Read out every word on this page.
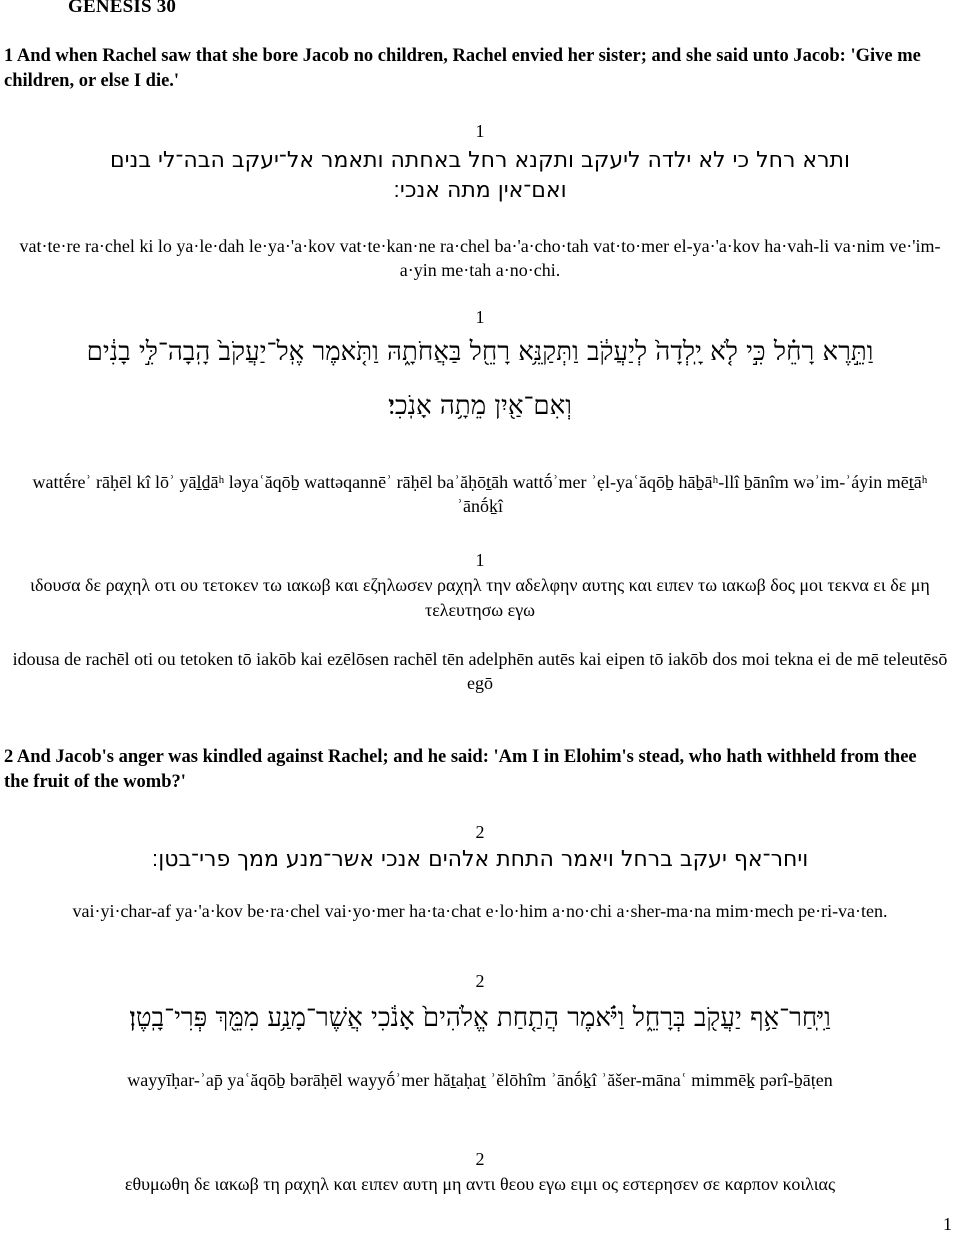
GENESIS 30
1 And when Rachel saw that she bore Jacob no children, Rachel envied her sister; and she said unto Jacob: 'Give me children, or else I die.'
1
ותרא רחל כי לא ילדה ליעקב ותקנא רחל באחתה ותאמר אל־יעקב הבה־לי בנים
ואם־אין מתה אנכי׃
vat·te·re ra·chel ki lo ya·le·dah le·ya·'a·kov vat·te·kan·ne ra·chel ba·'a·cho·tah vat·to·mer el-ya·'a·kov ha·vah-li va·nim ve·'im-a·yin me·tah a·no·chi.
1
וַתֵּ֣רֶא רָחֵ֗ל כִּ֣י לֹ֤א יָֽלְדָה֙ לְיַעֲקֹ֔ב וַתְּקַנֵּ֥א רָחֵ֖ל בַּאֲחֹתָ֑הּ וַתֹּ֤אמֶר אֶֽל־יַעֲקֹב֙ הָֽבָה־לִּ֣י בָנִ֔ים
וְאִם־אַ֖יִן מֵתָ֥ה אָנֹֽכִי׃
wattḗreʾ rāḥēl kî lōʾ yāḻḏāʰ ləyaʿăqōḇ wattəqannēʾ rāḥēl baʾăḥōṯāh wattṓʾmer ʾẹl-yaʿăqōḇ hāḇāʰ-llî ḇānîm wəʾim-ʾáyin mēṯāʰ ʾānṓḵî
1
ιδουσα δε ραχηλ οτι ου τετοκεν τω ιακωβ και εζηλωσεν ραχηλ την αδελφην αυτης και ειπεν τω ιακωβ δος μοι τεκνα ει δε μη τελευτησω εγω
idousa de rachēl oti ou tetoken tō iakōb kai ezēlōsen rachēl tēn adelphēn autēs kai eipen tō iakōb dos moi tekna ei de mē teleutēsō egō
2 And Jacob's anger was kindled against Rachel; and he said: 'Am I in Elohim's stead, who hath withheld from thee the fruit of the womb?'
2
ויחר־אף יעקב ברחל ויאמר התחת אלהים אנכי אשר־מנע ממך פרי־בטן׃
vai·yi·char-af ya·'a·kov be·ra·chel vai·yo·mer ha·ta·chat e·lo·him a·no·chi a·sher-ma·na mim·mech pe·ri-va·ten.
2
וַיִּֽחַר־אַ֥ף יַעֲקֹ֖ב בְּרָחֵ֑ל וַיֹּ֗אמֶר הֲתַ֤חַת אֱלֹהִים֙ אָנֹ֔כִי אֲשֶׁר־מָנַ֥ע מִמֵּ֖ךְ פְּרִי־בָֽטֶן׃
wayyīḥar-ʾap̄ yaʿăqōḇ bərāḥēl wayyṓʾmer hăṯaḥaṯ ʾĕlōhîm ʾānṓḵî ʾăšer-mānaʿ mimmēḵ pərî-ḇāṭen
2
εθυμωθη δε ιακωβ τη ραχηλ και ειπεν αυτη μη αντι θεου εγω ειμι ος εστερησεν σε καρπον κοιλιας
1
